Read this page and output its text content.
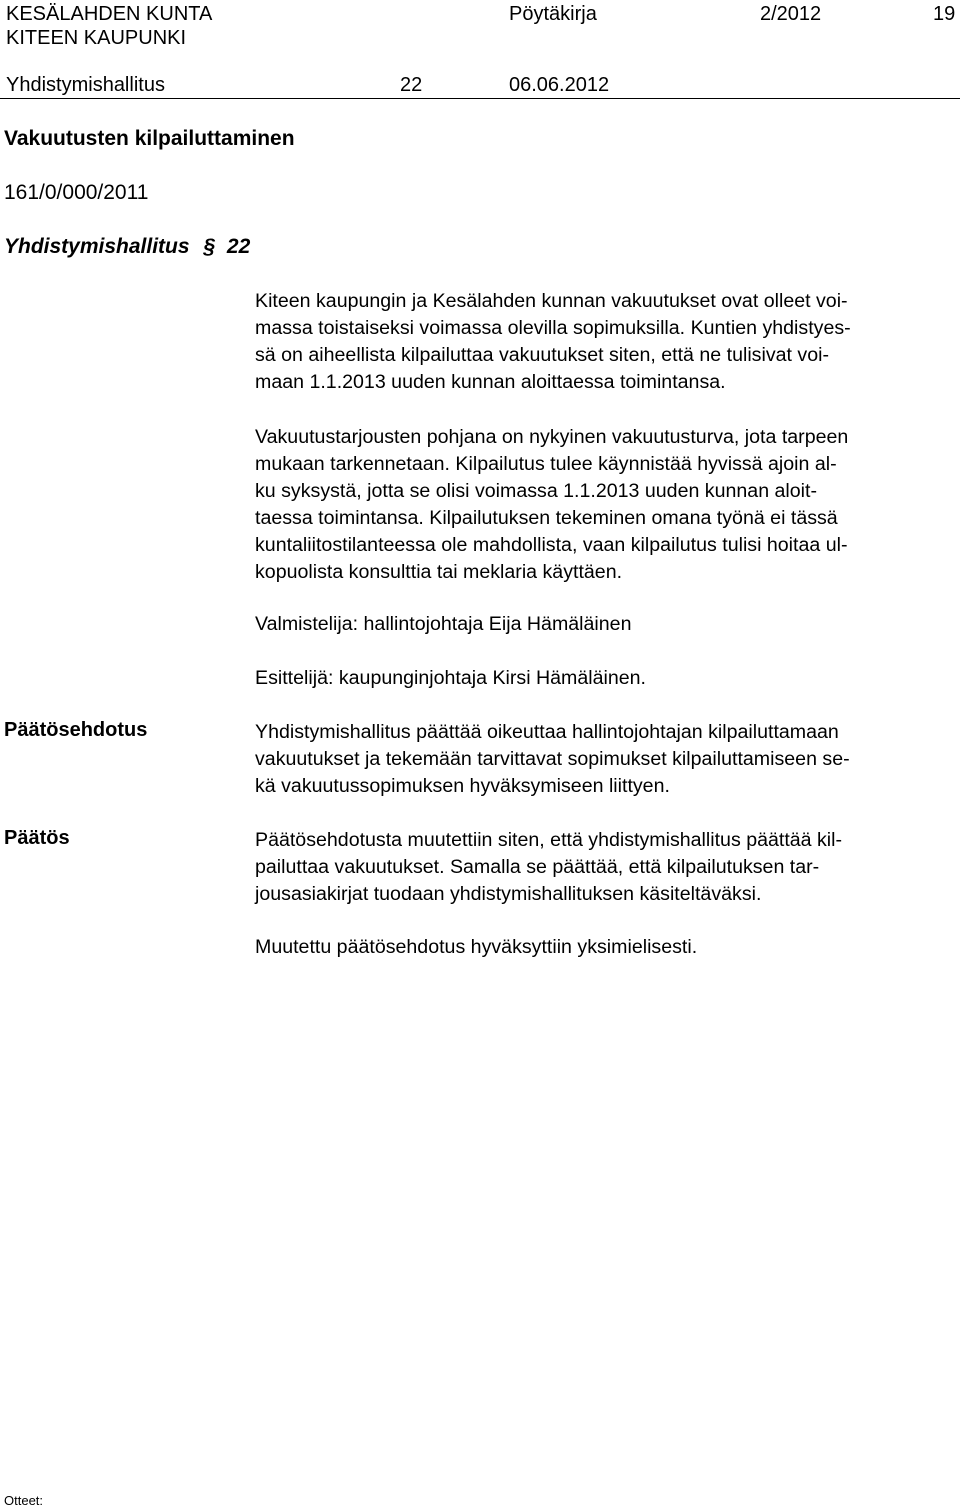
KESÄLAHDEN KUNTA
KITEEN KAUPUNKI
Pöytäkirja	2/2012	19
Yhdistymishallitus	22	06.06.2012
Vakuutusten kilpailuttaminen
161/0/000/2011
Yhdistymishallitus § 22
Kiteen kaupungin ja Kesälahden kunnan vakuutukset ovat olleet voi-
massa toistaiseksi voimassa olevilla sopimuksilla. Kuntien yhdistyes-
sä on aiheellista kilpailuttaa vakuutukset siten, että ne tulisivat voi-
maan 1.1.2013 uuden kunnan aloittaessa toimintansa.
Vakuutustarjousten pohjana on nykyinen vakuutusturva, jota tarpeen
mukaan tarkennetaan. Kilpailutus tulee käynnistää hyvissä ajoin al-
ku syksystä, jotta se olisi voimassa 1.1.2013 uuden kunnan aloit-
taessa toimintansa. Kilpailutuksen tekeminen omana työnä ei tässä
kuntaliitostilanteessa ole mahdollista, vaan kilpailutus tulisi hoitaa ul-
kopuolista konsulttia tai meklaria käyttäen.
Valmistelija: hallintojohtaja Eija Hämäläinen
Esittelijä: kaupunginjohtaja Kirsi Hämäläinen.
Päätösehdotus	Yhdistymishallitus päättää oikeuttaa hallintojohtajan kilpailuttamaan
vakuutukset ja tekemään tarvittavat sopimukset kilpailuttamiseen se-
kä vakuutussopimuksen hyväksymiseen liittyen.
Päätös	Päätösehdotusta muutettiin siten, että yhdistymishallitus päättää kil-
pailuttaa vakuutukset. Samalla se päättää, että kilpailutuksen tar-
jousasiakirjat tuodaan yhdistymishallituksen käsiteltäväksi.
Muutettu päätösehdotus hyväksyttiin yksimielisesti.
Otteet:
